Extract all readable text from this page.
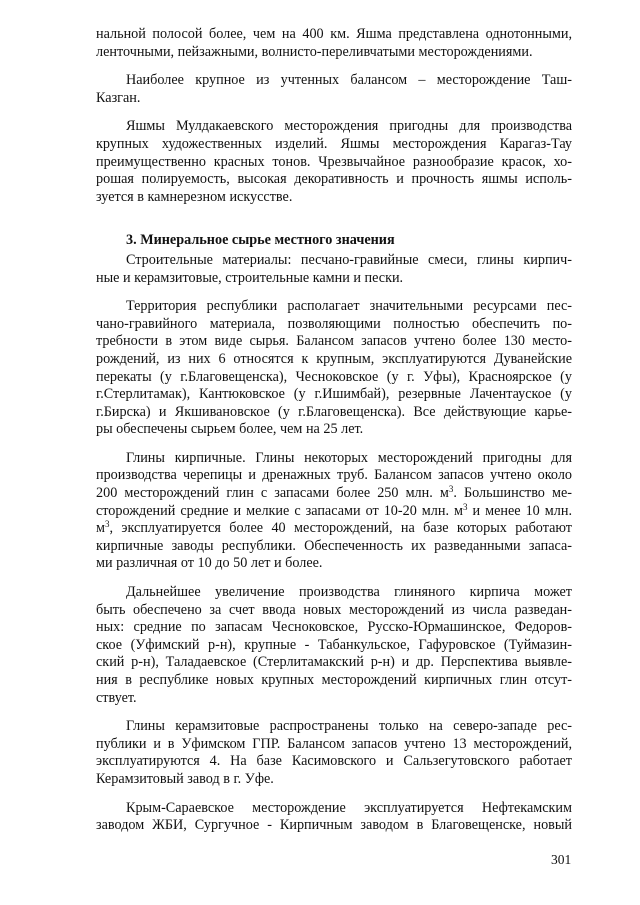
нальной полосой более, чем на 400 км. Яшма представлена однотонными,
ленточными, пейзажными, волнисто-переливчатыми месторождениями.
Наиболее крупное из учтенных балансом – месторождение Таш-
Казган.
Яшмы Мулдакаевского месторождения пригодны для производства
крупных художественных изделий. Яшмы месторождения Карагаз-Тау
преимущественно красных тонов. Чрезвычайное разнообразие красок, хо-
рошая полируемость, высокая декоративность и прочность яшмы исполь-
зуется в камнерезном искусстве.
3. Минеральное сырье местного значения
Строительные материалы: песчано-гравийные смеси, глины кирпич-
ные и керамзитовые, строительные камни и пески.
Территория республики располагает значительными ресурсами пес-
чано-гравийного материала, позволяющими полностью обеспечить по-
требности в этом виде сырья. Балансом запасов учтено более 130 место-
рождений, из них 6 относятся к крупным, эксплуатируются Дуванейские
перекаты (у г.Благовещенска), Чесноковское (у г. Уфы), Красноярское (у
г.Стерлитамак), Кантюковское (у г.Ишимбай), резервные Лачентауское (у
г.Бирска) и Якшивановское (у г.Благовещенска). Все действующие карье-
ры обеспечены сырьем более, чем на 25 лет.
Глины кирпичные. Глины некоторых месторождений пригодны для
производства черепицы и дренажных труб. Балансом запасов учтено около
200 месторождений глин с запасами более 250 млн. $м^3$. Большинство ме-
сторождений средние и мелкие с запасами от 10-20 млн. $м^3$ и менее 10 млн.
$м^3$, эксплуатируется более 40 месторождений, на базе которых работают
кирпичные заводы республики. Обеспеченность их разведанными запаса-
ми различная от 10 до 50 лет и более.
Дальнейшее увеличение производства глиняного кирпича может
быть обеспечено за счет ввода новых месторождений из числа разведан-
ных: средние по запасам Чесноковское, Русско-Юрмашинское, Федоров-
ское (Уфимский р-н), крупные - Табанкульское, Гафуровское (Туймазин-
ский р-н), Таладаевское (Стерлитамакский р-н) и др. Перспектива выявле-
ния в республике новых крупных месторождений кирпичных глин отсут-
ствует.
Глины керамзитовые распространены только на северо-западе рес-
публики и в Уфимском ГПР. Балансом запасов учтено 13 месторождений,
эксплуатируются 4. На базе Касимовского и Сальзегутовского работает
Керамзитовый завод в г. Уфе.
Крым-Сараевское месторождение эксплуатируется Нефтекамским
заводом ЖБИ, Сургучное - Кирпичным заводом в Благовещенске, новый
301
